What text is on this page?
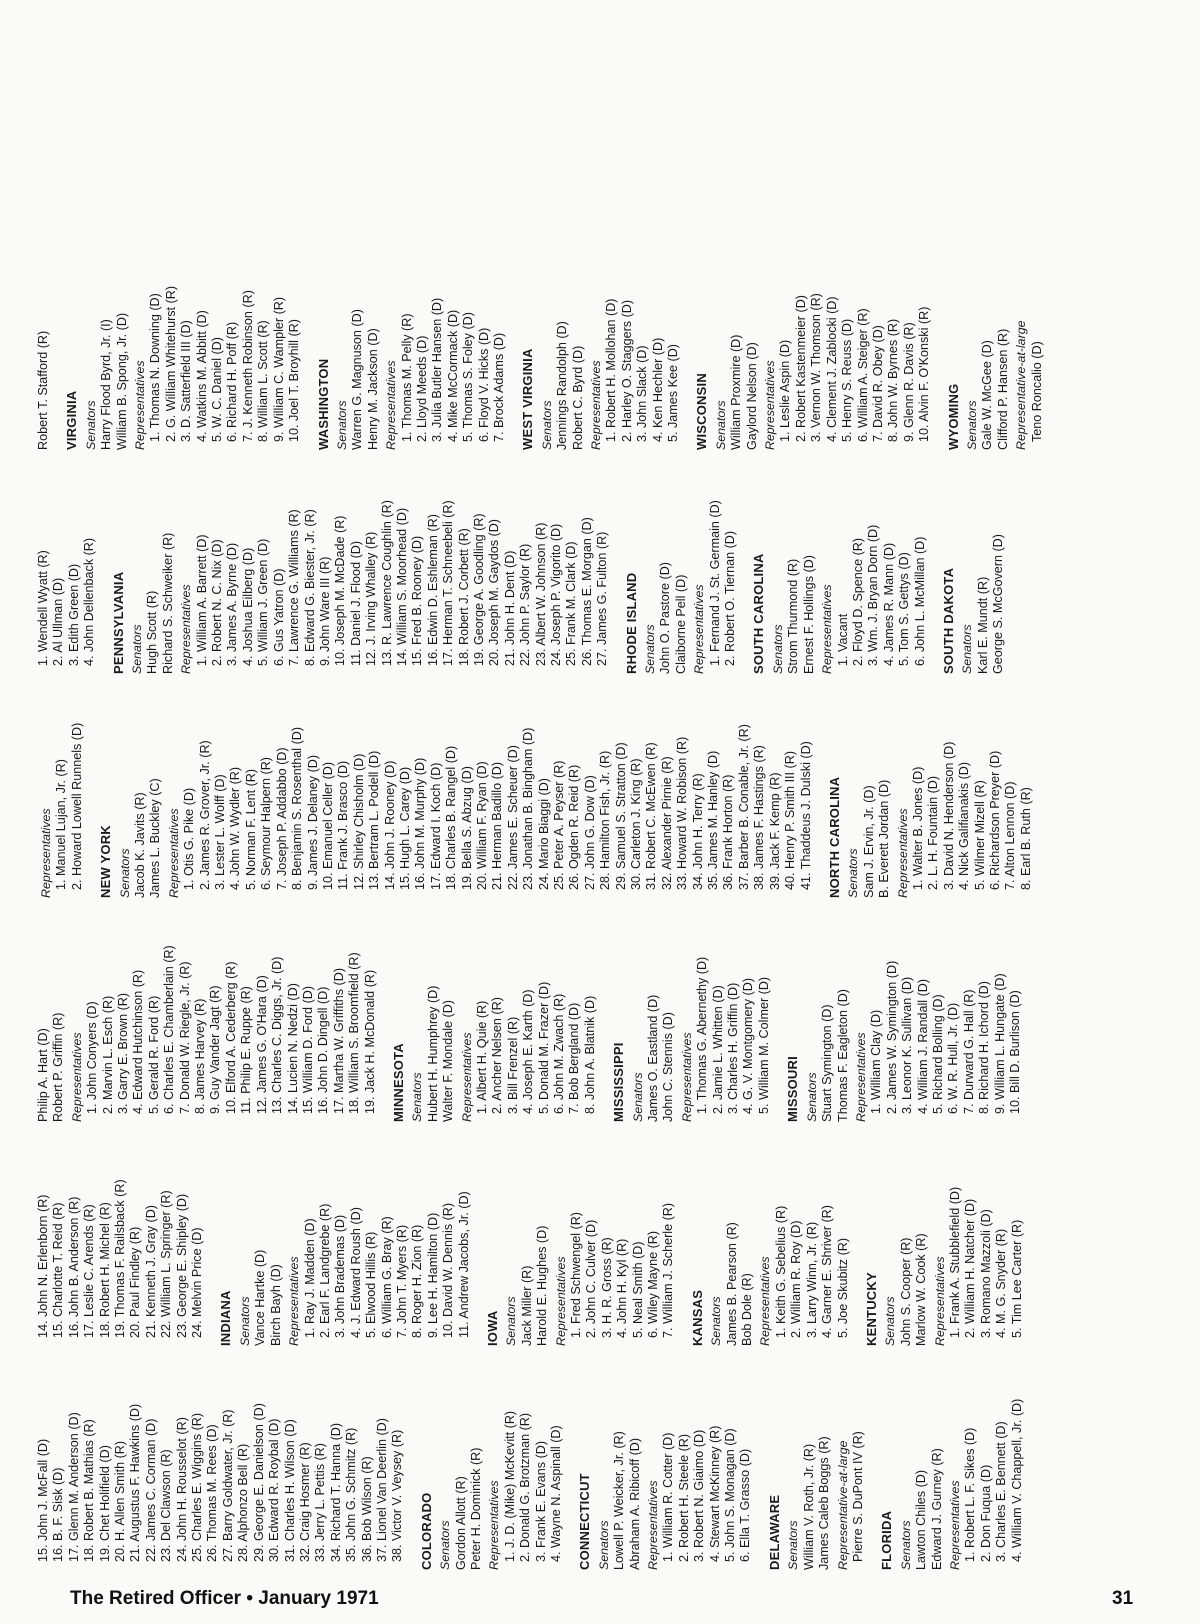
15. John J. McFall (D) 16. B. F. Sisk (D) 17. Glenn M. Anderson (D) 18. Robert B. Mathias (R) 19. Chet Holifield (D) 20. H. Allen Smith (R) 21. Augustus F. Hawkins (D) 22. James C. Corman (D) 23. Del Clawson (R) 24. John H. Rousselot (R) 25. Charles E. Wiggins (R) 26. Thomas M. Rees (D) 27. Barry Goldwater, Jr. (R) 28. Alphonzo Bell (R) 29. George E. Danielson (D) 30. Edward R. Roybal (D) 31. Charles H. Wilson (D) 32. Craig Hosmer (R) 33. Jerry L. Pettis (R) 34. Richard T. Hanna (D) 35. John G. Schmitz (R) 36. Bob Wilson (R) 37. Lionel Van Deerlin (D) 38. Victor V. Veysey (R) COLORADO Senators Gordon Allott (R) Peter H. Dominick (R) Representatives 1. J. D. (Mike) McKevitt (R) 2. Donald G. Brotzman (R) 3. Frank E. Evans (D) 4. Wayne N. Aspinall (D) CONNECTICUT Senators Lowell P. Weicker, Jr. (R) Abraham A. Ribicoff (D) Representatives 1. William R. Cotter (D) 2. Robert H. Steele (R) 3. Robert N. Giaimo (D) 4. Stewart McKinney (R) 5. John S. Monagan (D) 6. Ella T. Grasso (D) DELAWARE Senators William V. Roth, Jr. (R) James Caleb Boggs (R) Representative-at-large Pierre S. DuPont IV (R) FLORIDA Senators Lawton Chiles (D) Edward J. Gurney (R) Representatives 1. Robert L. F. Sikes (D) 2. Don Fuqua (D) 3. Charles E. Bennett (D) 4. William V. Chappell, Jr. (D)
14. John N. Erlenborn (R) 15. Charlotte T. Reid (R) 16. John B. Anderson (R) 17. Leslie C. Arends (R) 18. Robert H. Michel (R) 19. Thomas F. Railsback (R) 20. Paul Findley (R) 21. Kenneth J. Gray (D) 22. William L. Springer (R) 23. George E. Shipley (D) 24. Melvin Price (D) INDIANA Senators Vance Hartke (D) Birch Bayh (D) Representatives 1. Ray J. Madden (D) 2. Earl F. Landgrebe (R) 3. John Brademas (D) 4. J. Edward Roush (D) 5. Elwood Hillis (R) 6. William G. Bray (R) 7. John T. Myers (R) 8. Roger H. Zion (R) 9. Lee H. Hamilton (D) 10. David W. Dennis (R) 11. Andrew Jacobs, Jr. (D) IOWA Senators Jack Miller (R) Harold E. Hughes (D) Representatives 1. Fred Schwengel (R) 2. John C. Culver (D) 3. H. R. Gross (R) 4. John H. Kyl (R) 5. Neal Smith (D) 6. Wiley Mayne (R) 7. William J. Scherle (R) KANSAS Senators James B. Pearson (R) Bob Dole (R) Representatives 1. Keith G. Sebelius (R) 2. William R. Roy (D) 3. Larry Winn, Jr. (R) 4. Garner E. Shriver (R) 5. Joe Skubitz (R) KENTUCKY Senators John S. Cooper (R) Marlow W. Cook (R) Representatives 1. Frank A. Stubblefield (D) 2. William H. Natcher (D) 3. Romano Mazzoli (D) 4. M. G. Snyder (R) 5. Tim Lee Carter (R)
Philip A. Hart (D) Robert P. Griffin (R) Representatives 1. John Conyers (D) 2. Marvin L. Esch (R) 3. Garry E. Brown (R) 4. Edward Hutchinson (R) 5. Gerald R. Ford (R) 6. Charles E. Chamberlain (R) 7. Donald W. Riegle, Jr. (R) 8. James Harvey (R) 9. Guy Vander Jagt (R) 10. Elford A. Cederberg (R) 11. Philip E. Ruppe (R) 12. James G. O'Hara (D) 13. Charles C. Diggs, Jr. (D) 14. Lucien N. Nedzi (D) 15. William D. Ford (D) 16. John D. Dingell (D) 17. Martha W. Griffiths (D) 18. William S. Broomfield (R) 19. Jack H. McDonald (R) MINNESOTA Senators Hubert H. Humphrey (D) Walter F. Mondale (D) Representatives 1. Albert H. Quie (R) 2. Ancher Nelsen (R) 3. Bill Frenzel (R) 4. Joseph E. Karth (D) 5. Donald M. Frazer (D) 6. John M. Zwach (R) 7. Bob Bergland (D) 8. John A. Blatnik (D) MISSISSIPPI Senators James O. Eastland (D) John C. Stennis (D) Representatives 1. Thomas G. Abernethy (D) 2. Jamie L. Whitten (D) 3. Charles H. Griffin (D) 4. G. V. Montgomery (D) 5. William M. Colmer (D) MISSOURI Senators Stuart Symington (D) Thomas F. Eagleton (D) Representatives 1. William Clay (D) 2. James W. Symington (D) 3. Leonor K. Sullivan (D) 4. William J. Randall (D) 5. Richard Bolling (D) 6. W. R. Hull, Jr. (D) 7. Durward G. Hall (R) 8. Richard H. Ichord (D) 9. William L. Hungate (D) 10. Bill D. Burlison (D)
Representatives 1. Manuel Lujan, Jr. (R) 2. Howard Lowell Runnels (D) NEW YORK Senators Jacob K. Javits (R) James L. Buckley (C) Representatives 1. Otis G. Pike (D) 2. James R. Grover, Jr. (R) 3. Lester L. Wolff (D) 4. John W. Wydler (R) 5. Norman F. Lent (R) 6. Seymour Halpern (R) 7. Joseph P. Addabbo (D) 8. Benjamin S. Rosenthal (D) 9. James J. Delaney (D) 10. Emanuel Celler (D) 11. Frank J. Brasco (D) 12. Shirley Chisholm (D) 13. Bertram L. Podell (D) 14. John J. Rooney (D) 15. Hugh L. Carey (D) 16. John M. Murphy (D) 17. Edward I. Koch (D) 18. Charles B. Rangel (D) 19. Bella S. Abzug (D) 20. William F. Ryan (D) 21. Herman Badillo (D) 22. James E. Scheuer (D) 23. Jonathan B. Bingham (D) 24. Mario Biaggi (D) 25. Peter A. Peyser (R) 26. Ogden R. Reid (R) 27. John G. Dow (D) 28. Hamilton Fish, Jr. (R) 29. Samuel S. Stratton (D) 30. Carleton J. King (R) 31. Robert C. McEwen (R) 32. Alexander Pirnie (R) 33. Howard W. Robison (R) 34. John H. Terry (R) 35. James M. Hanley (D) 36. Frank Horton (R) 37. Barber B. Conable, Jr. (R) 38. James F. Hastings (R) 39. Jack F. Kemp (R) 40. Henry P. Smith III (R) 41. Thaddeus J. Dulski (D) NORTH CAROLINA Senators Sam J. Ervin, Jr. (D) B. Everett Jordan (D) Representatives 1. Walter B. Jones (D) 2. L. H. Fountain (D) 3. David N. Henderson (D) 4. Nick Galifianakis (D) 5. Wilmer Mizell (R) 6. Richardson Preyer (D) 7. Alton Lennon (D) 8. Earl B. Ruth (R)
1. Wendell Wyatt (R) 2. Al Ullman (D) 3. Edith Green (D) 4. John Dellenback (R) PENNSYLVANIA Senators Hugh Scott (R) Richard S. Schweiker (R) Representatives 1. William A. Barrett (D) 2. Robert N. C. Nix (D) 3. James A. Byrne (D) 4. Joshua Eilberg (D) 5. William J. Green (D) 6. Gus Yatron (D) 7. Lawrence G. Williams (R) 8. Edward G. Biester, Jr. (R) 9. John Ware III (R) 10. Joseph M. McDade (R) 11. Daniel J. Flood (D) 12. J. Irving Whalley (R) 13. R. Lawrence Coughlin (R) 14. William S. Moorhead (D) 15. Fred B. Rooney (D) 16. Edwin D. Eshleman (R) 17. Herman T. Schneebeli (R) 18. Robert J. Corbett (R) 19. George A. Goodling (R) 20. Joseph M. Gaydos (D) 21. John H. Dent (D) 22. John P. Saylor (R) 23. Albert W. Johnson (R) 24. Joseph P. Vigorito (D) 25. Frank M. Clark (D) 26. Thomas E. Morgan (D) 27. James G. Fulton (R) RHODE ISLAND Senators John O. Pastore (D) Claiborne Pell (D) Representatives 1. Fernand J. St. Germain (D) 2. Robert O. Tiernan (D) SOUTH CAROLINA Senators Strom Thurmond (R) Ernest F. Hollings (D) Representatives 1. Vacant 2. Floyd D. Spence (R) 3. Wm. J. Bryan Dorn (D) 4. James R. Mann (D) 5. Tom S. Gettys (D) 6. John L. McMillan (D) SOUTH DAKOTA Senators Karl E. Mundt (R) George S. McGovern (D)
Robert T. Stafford (R) VIRGINIA Senators Harry Flood Byrd, Jr. (I) William B. Spong, Jr. (D) Representatives 1. Thomas N. Downing (D) 2. G. William Whitehurst (R) 3. D. Satterfield III (D) 4. Watkins M. Abbitt (D) 5. W. C. Daniel (D) 6. Richard H. Poff (R) 7. J. Kenneth Robinson (R) 8. William L. Scott (R) 9. William C. Wampler (R) 10. Joel T. Broyhill (R) WASHINGTON Senators Warren G. Magnuson (D) Henry M. Jackson (D) Representatives 1. Thomas M. Pelly (R) 2. Lloyd Meeds (D) 3. Julia Butler Hansen (D) 4. Mike McCormack (D) 5. Thomas S. Foley (D) 6. Floyd V. Hicks (D) 7. Brock Adams (D) WEST VIRGINIA Senators Jennings Randolph (D) Robert C. Byrd (D) Representatives 1. Robert H. Mollohan (D) 2. Harley O. Staggers (D) 3. John Slack (D) 4. Ken Hechler (D) 5. James Kee (D) WISCONSIN Senators William Proxmire (D) Gaylord Nelson (D) Representatives 1. Leslie Aspin (D) 2. Robert Kastenmeier (D) 3. Vernon W. Thomson (R) 4. Clement J. Zablocki (D) 5. Henry S. Reuss (D) 6. William A. Steiger (R) 7. David R. Obey (D) 8. John W. Byrnes (R) 9. Glenn R. Davis (R) 10. Alvin F. O'Konski (R) WYOMING Senators Gale W. McGee (D) Clifford P. Hansen (R) Representative-at-large Teno Roncalio (D)
The Retired Officer • January 1971	31
